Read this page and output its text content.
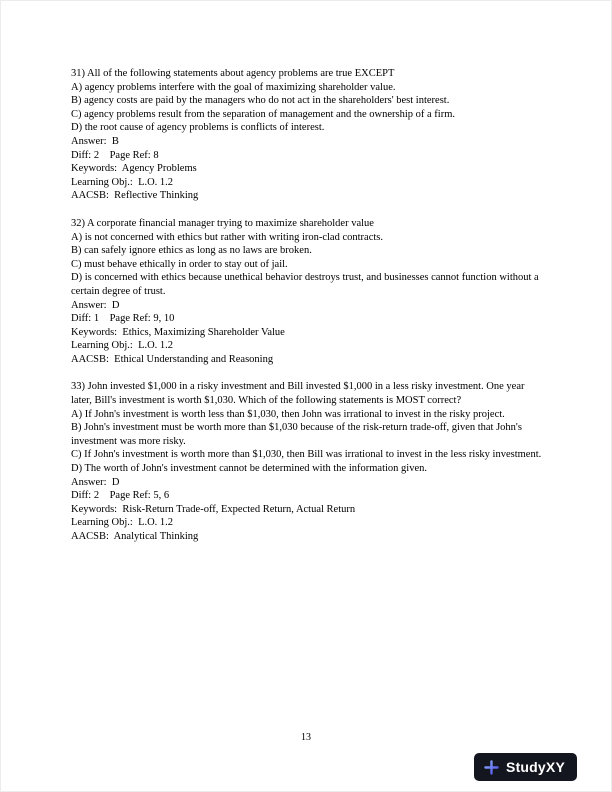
31) All of the following statements about agency problems are true EXCEPT

A) agency problems interfere with the goal of maximizing shareholder value.

B) agency costs are paid by the managers who do not act in the shareholders' best interest.

C) agency problems result from the separation of management and the ownership of a firm.

D) the root cause of agency problems is conflicts of interest.

Answer:  B

Diff: 2    Page Ref: 8

Keywords:  Agency Problems

Learning Obj.:  L.O. 1.2

AACSB:  Reflective Thinking

32) A corporate financial manager trying to maximize shareholder value

A) is not concerned with ethics but rather with writing iron-clad contracts.

B) can safely ignore ethics as long as no laws are broken.

C) must behave ethically in order to stay out of jail.

D) is concerned with ethics because unethical behavior destroys trust, and businesses cannot function without a certain degree of trust.

Answer:  D

Diff: 1    Page Ref: 9, 10

Keywords:  Ethics, Maximizing Shareholder Value

Learning Obj.:  L.O. 1.2

AACSB:  Ethical Understanding and Reasoning

33) John invested $1,000 in a risky investment and Bill invested $1,000 in a less risky investment. One year later, Bill's investment is worth $1,030. Which of the following statements is MOST correct?

A) If John's investment is worth less than $1,030, then John was irrational to invest in the risky project.

B) John's investment must be worth more than $1,030 because of the risk-return trade-off, given that John's investment was more risky.

C) If John's investment is worth more than $1,030, then Bill was irrational to invest in the less risky investment.

D) The worth of John's investment cannot be determined with the information given.

Answer:  D

Diff: 2    Page Ref: 5, 6

Keywords:  Risk-Return Trade-off, Expected Return, Actual Return

Learning Obj.:  L.O. 1.2

AACSB:  Analytical Thinking

13
StudyXY
